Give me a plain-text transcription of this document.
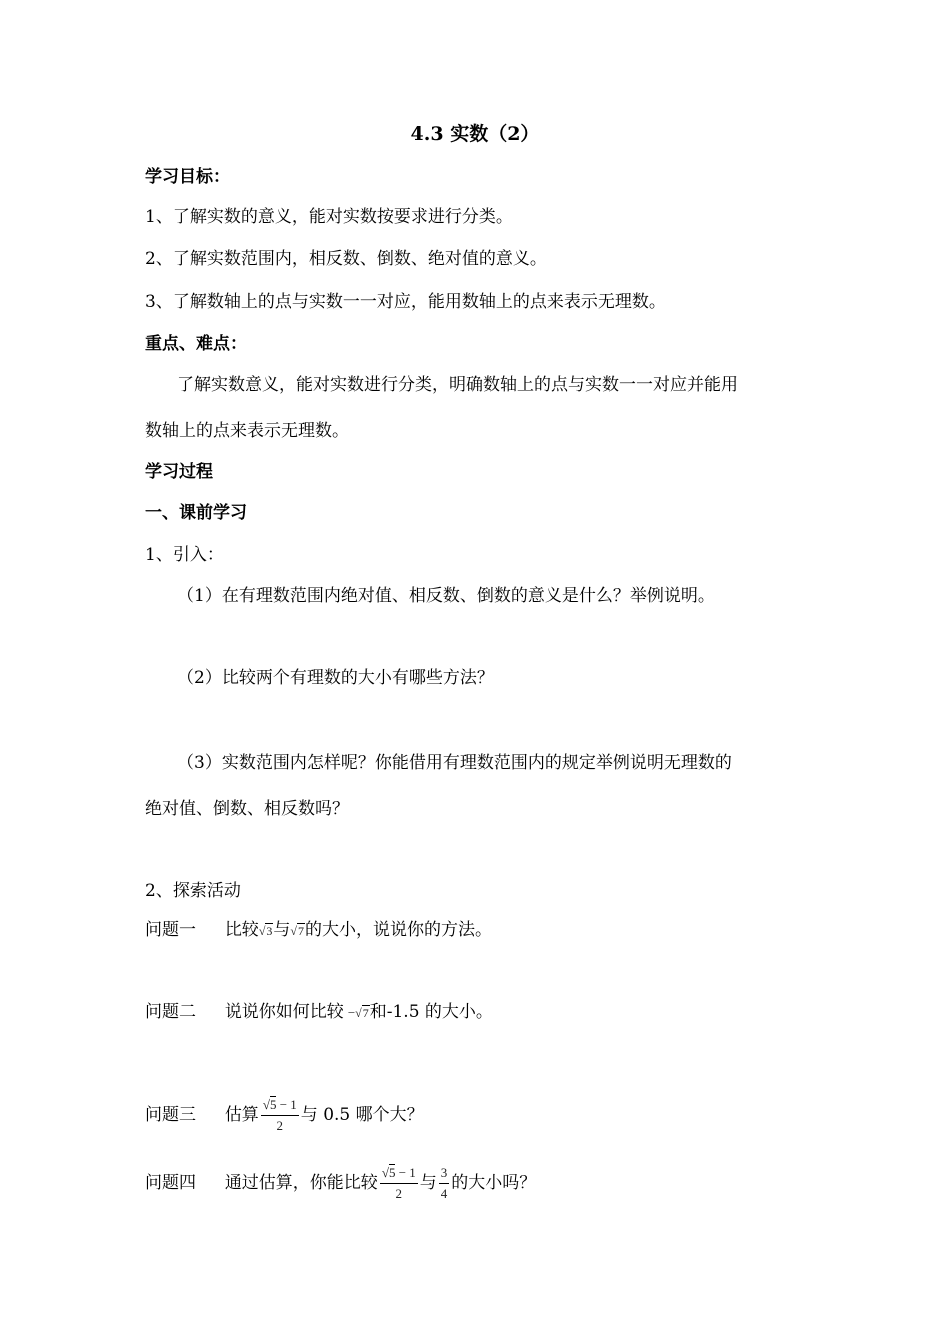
4.3 实数（2）
学习目标：
1、了解实数的意义，能对实数按要求进行分类。
2、了解实数范围内，相反数、倒数、绝对值的意义。
3、了解数轴上的点与实数一一对应，能用数轴上的点来表示无理数。
重点、难点：
了解实数意义，能对实数进行分类，明确数轴上的点与实数一一对应并能用
数轴上的点来表示无理数。
学习过程
一、课前学习
1、引入：
（1）在有理数范围内绝对值、相反数、倒数的意义是什么？举例说明。
（2）比较两个有理数的大小有哪些方法？
（3）实数范围内怎样呢？你能借用有理数范围内的规定举例说明无理数的
绝对值、倒数、相反数吗？
2、探索活动
问题一 比较√3与√7的大小，说说你的方法。
问题二 说说你如何比较 −√7和-1.5 的大小。
问题三 估算 $\frac{√5 - 1}{2}$ 与 0.5 哪个大？
问题四 通过估算，你能比较 $\frac{√5 - 1}{2}$ 与 $\frac{3}{4}$ 的大小吗？
